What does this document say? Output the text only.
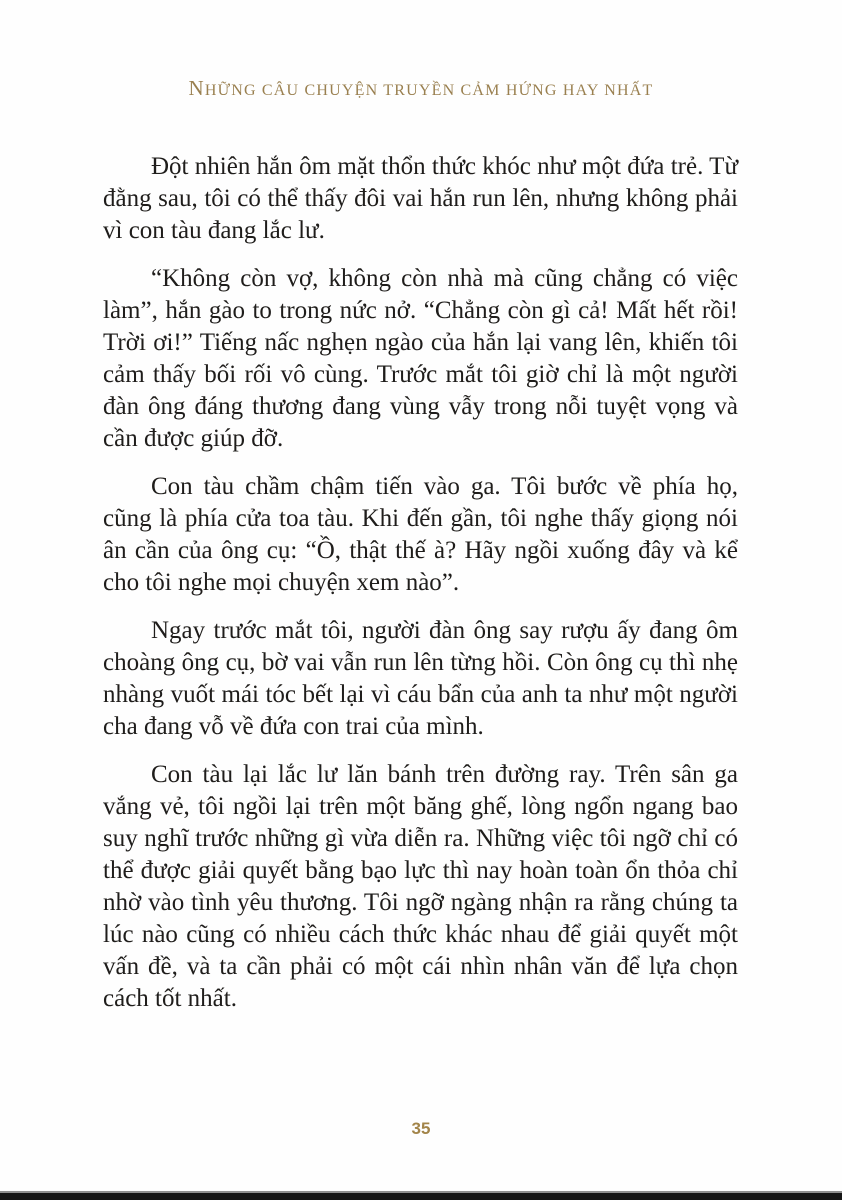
NHỮNG CÂU CHUYỆN TRUYỀN CẢM HỨNG HAY NHẤT

Đột nhiên hắn ôm mặt thổn thức khóc như một đứa trẻ. Từ đằng sau, tôi có thể thấy đôi vai hắn run lên, nhưng không phải vì con tàu đang lắc lư.

“Không còn vợ, không còn nhà mà cũng chẳng có việc làm”, hắn gào to trong nức nở. “Chẳng còn gì cả! Mất hết rồi! Trời ơi!” Tiếng nấc nghẹn ngào của hắn lại vang lên, khiến tôi cảm thấy bối rối vô cùng. Trước mắt tôi giờ chỉ là một người đàn ông đáng thương đang vùng vẫy trong nỗi tuyệt vọng và cần được giúp đỡ.

Con tàu chầm chậm tiến vào ga. Tôi bước về phía họ, cũng là phía cửa toa tàu. Khi đến gần, tôi nghe thấy giọng nói ân cần của ông cụ: “Ồ, thật thế à? Hãy ngồi xuống đây và kể cho tôi nghe mọi chuyện xem nào”.

Ngay trước mắt tôi, người đàn ông say rượu ấy đang ôm choàng ông cụ, bờ vai vẫn run lên từng hồi. Còn ông cụ thì nhẹ nhàng vuốt mái tóc bết lại vì cáu bẩn của anh ta như một người cha đang vỗ về đứa con trai của mình.

Con tàu lại lắc lư lăn bánh trên đường ray. Trên sân ga vắng vẻ, tôi ngồi lại trên một băng ghế, lòng ngổn ngang bao suy nghĩ trước những gì vừa diễn ra. Những việc tôi ngỡ chỉ có thể được giải quyết bằng bạo lực thì nay hoàn toàn ổn thỏa chỉ nhờ vào tình yêu thương. Tôi ngỡ ngàng nhận ra rằng chúng ta lúc nào cũng có nhiều cách thức khác nhau để giải quyết một vấn đề, và ta cần phải có một cái nhìn nhân văn để lựa chọn cách tốt nhất.

35
